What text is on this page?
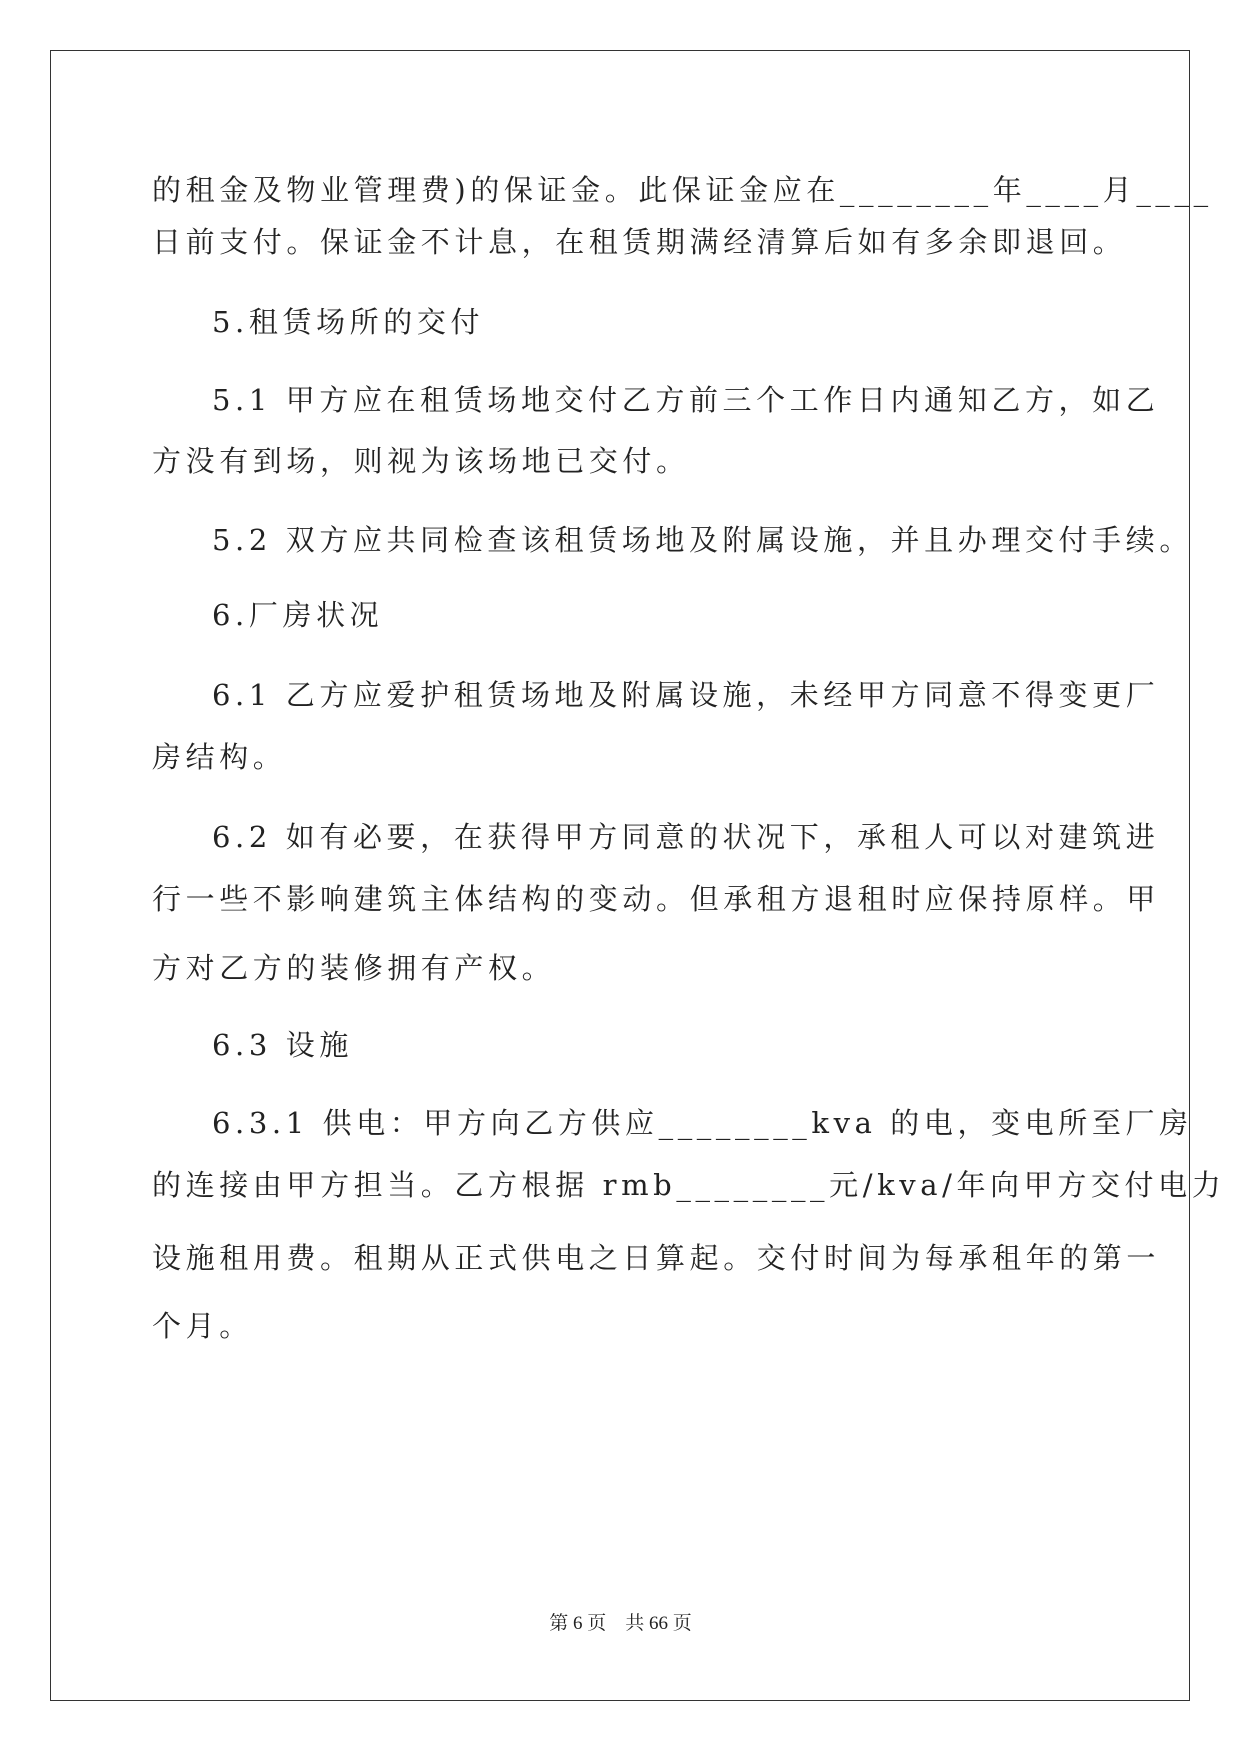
的租金及物业管理费)的保证金。此保证金应在________年____月____
日前支付。保证金不计息，在租赁期满经清算后如有多余即退回。
5.租赁场所的交付
5.1 甲方应在租赁场地交付乙方前三个工作日内通知乙方，如乙
方没有到场，则视为该场地已交付。
5.2 双方应共同检查该租赁场地及附属设施，并且办理交付手续。
6.厂房状况
6.1 乙方应爱护租赁场地及附属设施，未经甲方同意不得变更厂
房结构。
6.2 如有必要，在获得甲方同意的状况下，承租人可以对建筑进
行一些不影响建筑主体结构的变动。但承租方退租时应保持原样。甲
方对乙方的装修拥有产权。
6.3 设施
6.3.1 供电：甲方向乙方供应________kva 的电，变电所至厂房
的连接由甲方担当。乙方根据 rmb________元/kva/年向甲方交付电力
设施租用费。租期从正式供电之日算起。交付时间为每承租年的第一
个月。
第 6 页    共 66 页
